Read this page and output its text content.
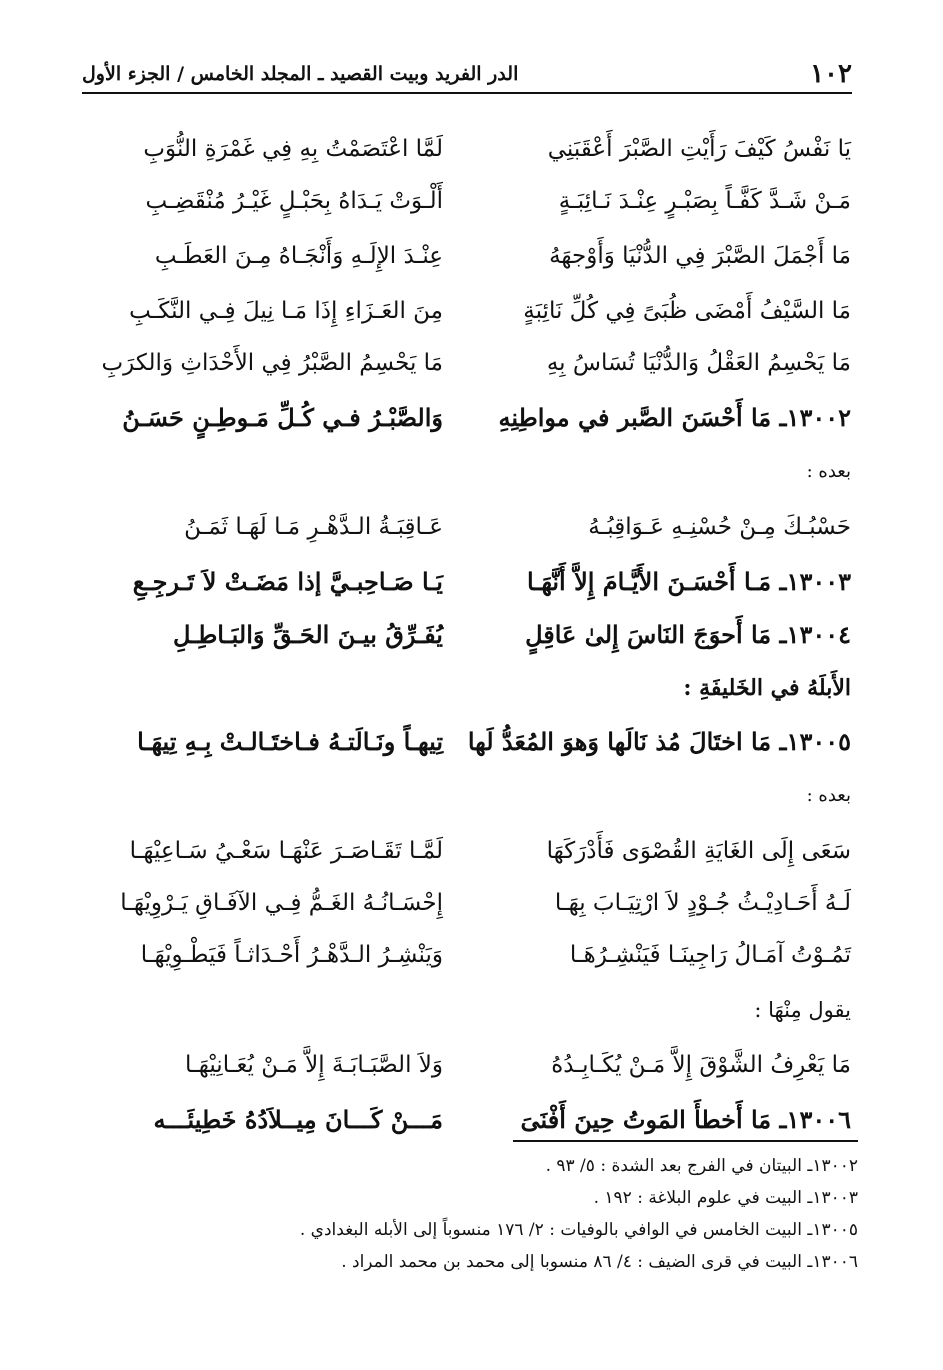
١٠٢
الدر الفريد وبيت القصيد ـ المجلد الخامس / الجزء الأول
يَا نَفْسُ كَيْفَ رَأَيْتِ الصَّبْرَ أَعْقَبَنِي
لَمَّا اعْتَصَمْتُ بِهِ فِي غَمْرَةِ النُّوَبِ
مَـنْ شَـدَّ كَفَّـاً بِصَبْـرٍ عِنْـدَ نَـائِبَـةٍ
أَلْـوَتْ يَـدَاهُ بِحَبْـلٍ غَيْـرُ مُنْقَضِـبِ
مَا أَجْمَلَ الصَّبْرَ فِي الدُّنْيَا وَأَوْجهَهُ
عِنْـدَ الإِلَـهِ وَأَنْجَـاهُ مِـنَ العَطَـبِ
مَا السَّيْفُ أَمْضَى ظُبَىً فِي كُلِّ نَائِبَةٍ
مِنَ العَـزَاءِ إِذَا مَـا نِيلَ فِـي النَّكَـبِ
مَا يَحْسِمُ العَقْلُ وَالدُّنْيَا تُسَاسُ بِهِ
مَا يَحْسِمُ الصَّبْرُ فِي الأَحْدَاثِ وَالكرَبِ
١٣٠٠٢ـ مَا أَحْسَنَ الصَّبر في مواطِنِهِ
وَالصَّبْـرُ فـي كُـلِّ مَـوطِـنٍ حَسَـنُ
بعده :
حَسْبُـكَ مِـنْ حُسْنِـهِ عَـوَاقِبُـهُ
عَـاقِبَـةُ الـدَّهْـرِ مَـا لَهَـا ثَمَـنُ
١٣٠٠٣ـ مَـا أَحْسَـنَ الأَيَّـامَ إِلاَّ أَنَّهَـا
يَـا صَـاحِبـيَّ إذا مَضَـتْ لاَ تَـرجِـعِ
١٣٠٠٤ـ مَا أَحوَجَ النَاسَ إِلىٰ عَاقِلٍ
يُفَـرِّقُ بيـنَ الحَـقِّ وَالبَـاطِـلِ
الأَبلَهُ في الخَليفَةِ :
١٣٠٠٥ـ مَا اختَالَ مُذ نَالَها وَهوَ المُعَدُّ لَها
تِيهـاً ونَـالَتـهُ فـاختَـالـتْ بِـهِ تِيهَـا
بعده :
سَعَى إِلَى الغَايَةِ القُصْوَى فَأَدْرَكَهَا
لَمَّـا تَقَـاصَـرَ عَنْهَـا سَعْـيُ سَـاعِيْهَـا
لَـهُ أَحَـادِيْـثُ جُـوْدٍ لاَ ارْتِيَـابَ بِهَـا
إِحْسَـانُـهُ الغَـمُّ فِـي الآفَـاقِ يَـرْوِيْهَـا
تَمُـوْتُ آمَـالُ رَاجِينَـا فَيَنْشِـرُهَـا
وَيَنْشِـرُ الـدَّهْـرُ أَحْـدَاثـاً فَيَطْـوِيْهَـا
يقول مِنْهَا :
مَا يَعْرِفُ الشَّوْقَ إِلاَّ مَـنْ يُكَـابِـدُهُ
وَلاَ الصَّبَـابَـةَ إِلاَّ مَـنْ يُعَـانِيْهَـا
١٣٠٠٦ـ مَا أَخطأَ المَوتُ حِينَ أَفْنَىَ
مَـــنْ كَـــانَ مِيــلاَدُهُ خَطِيئَـــه
١٣٠٠٢ـ البيتان في الفرج بعد الشدة : ٥/ ٩٣ .
١٣٠٠٣ـ البيت في علوم البلاغة : ١٩٢ .
١٣٠٠٥ـ البيت الخامس في الوافي بالوفيات : ٢/ ١٧٦ منسوباً إلى الأبله البغدادي .
١٣٠٠٦ـ البيت في قرى الضيف : ٤/ ٨٦ منسوبا إلى محمد بن محمد المراد .
